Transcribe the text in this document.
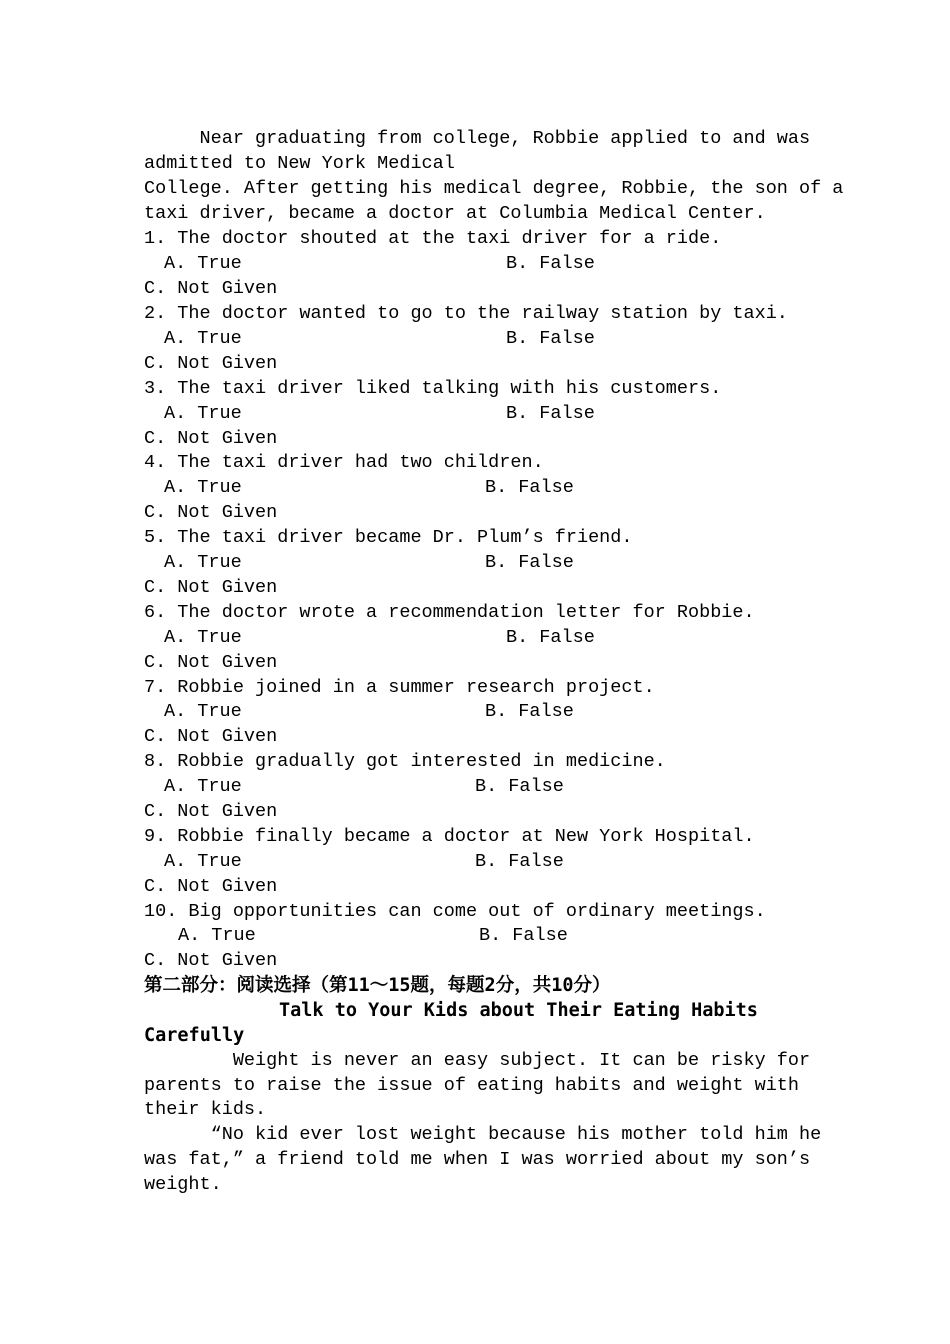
Near graduating from college, Robbie applied to and was
admitted to New York Medical
College. After getting his medical degree, Robbie, the son of a
taxi driver, became a doctor at Columbia Medical Center.
1. The doctor shouted at the taxi driver for a ride.
A. True	B. False
C. Not Given
2. The doctor wanted to go to the railway station by taxi.
A. True	B. False
C. Not Given
3. The taxi driver liked talking with his customers.
A. True	B. False
C. Not Given
4. The taxi driver had two children.
A. True	B. False
C. Not Given
5. The taxi driver became Dr. Plum’s friend.
A. True	B. False
C. Not Given
6. The doctor wrote a recommendation letter for Robbie.
A. True	B. False
C. Not Given
7. Robbie joined in a summer research project.
A. True	B. False
C. Not Given
8. Robbie gradually got interested in medicine.
A. True	B. False
C. Not Given
9. Robbie finally became a doctor at New York Hospital.
A. True	B. False
C. Not Given
10. Big opportunities can come out of ordinary meetings.
A. True	B. False
C. Not Given
第二部分：阅读选择（第11～15题，每题2分，共10分）
Talk to Your Kids about Their Eating Habits
Carefully
Weight is never an easy subject. It can be risky for
parents to raise the issue of eating habits and weight with
their kids.
“No kid ever lost weight because his mother told him he
was fat,” a friend told me when I was worried about my son’s
weight.
